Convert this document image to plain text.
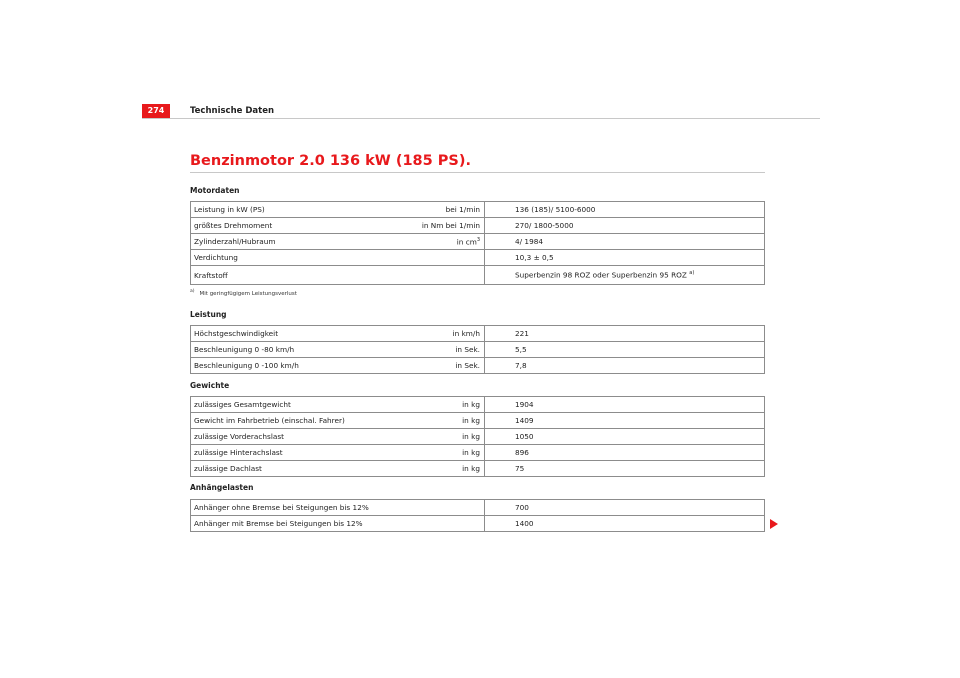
274	Technische Daten
Benzinmotor 2.0 136 kW (185 PS).
Motordaten
Leistung in kW (PS)	bei 1/min	136 (185)/ 5100-6000
größtes Drehmoment	in Nm bei 1/min	270/ 1800-5000
Zylinderzahl/Hubraum	in $cm^3$	4/ 1984
Verdichtung		10,3 ± 0,5
Kraftstoff		Superbenzin 98 ROZ oder Superbenzin 95 ROZ $^{a)}$
$^{a)}$ Mit geringfügigem Leistungsverlust
Leistung
Höchstgeschwindigkeit	in km/h	221
Beschleunigung 0 -80 km/h	in Sek.	5,5
Beschleunigung 0 -100 km/h	in Sek.	7,8
Gewichte
zulässiges Gesamtgewicht	in kg	1904
Gewicht im Fahrbetrieb (einschal. Fahrer)	in kg	1409
zulässige Vorderachslast	in kg	1050
zulässige Hinterachslast	in kg	896
zulässige Dachlast	in kg	75
Anhängelasten
Anhänger ohne Bremse bei Steigungen bis 12%		700
Anhänger mit Bremse bei Steigungen bis 12%		1400
